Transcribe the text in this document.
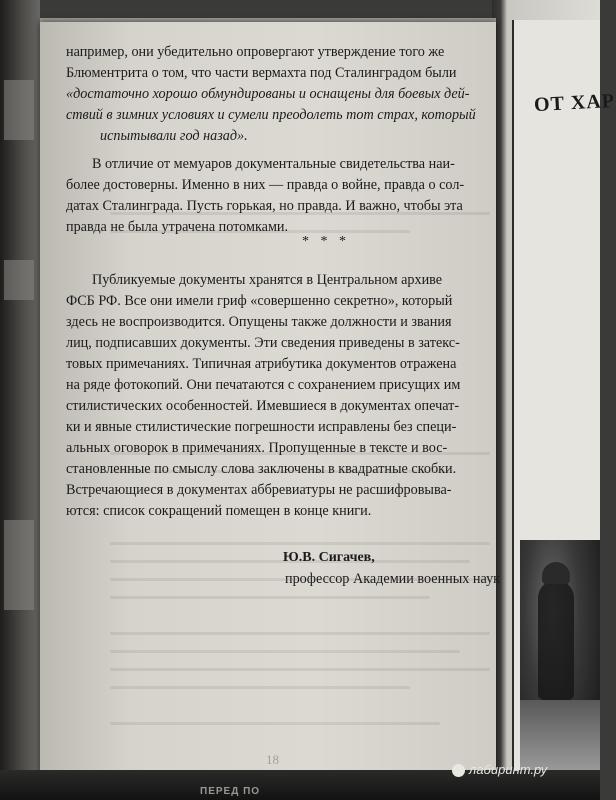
ОТ ХАР
например, они убедительно опровергают утверждение того же
Блюментрита о том, что части вермахта под Сталинградом были
«достаточно хорошо обмундированы и оснащены для боевых дей-
ствий в зимних условиях и сумели преодолеть тот страх, который
испытывали год назад».
В отличие от мемуаров документальные свидетельства наи-
более достоверны. Именно в них — правда о войне, правда о сол-
датах Сталинграда. Пусть горькая, но правда. И важно, чтобы эта
правда не была утрачена потомками.
* * *
Публикуемые документы хранятся в Центральном архиве
ФСБ РФ. Все они имели гриф «совершенно секретно», который
здесь не воспроизводится. Опущены также должности и звания
лиц, подписавших документы. Эти сведения приведены в затекс-
товых примечаниях. Типичная атрибутика документов отражена
на ряде фотокопий. Они печатаются с сохранением присущих им
стилистических особенностей. Имевшиеся в документах опечат-
ки и явные стилистические погрешности исправлены без специ-
альных оговорок в примечаниях. Пропущенные в тексте и вос-
становленные по смыслу слова заключены в квадратные скобки.
Встречающиеся в документах аббревиатуры не расшифровыва-
ются: список сокращений помещен в конце книги.
Ю.В. Сигачев,
профессор Академии военных наук
18
ПЕРЕД ПО
лабиринт.ру
